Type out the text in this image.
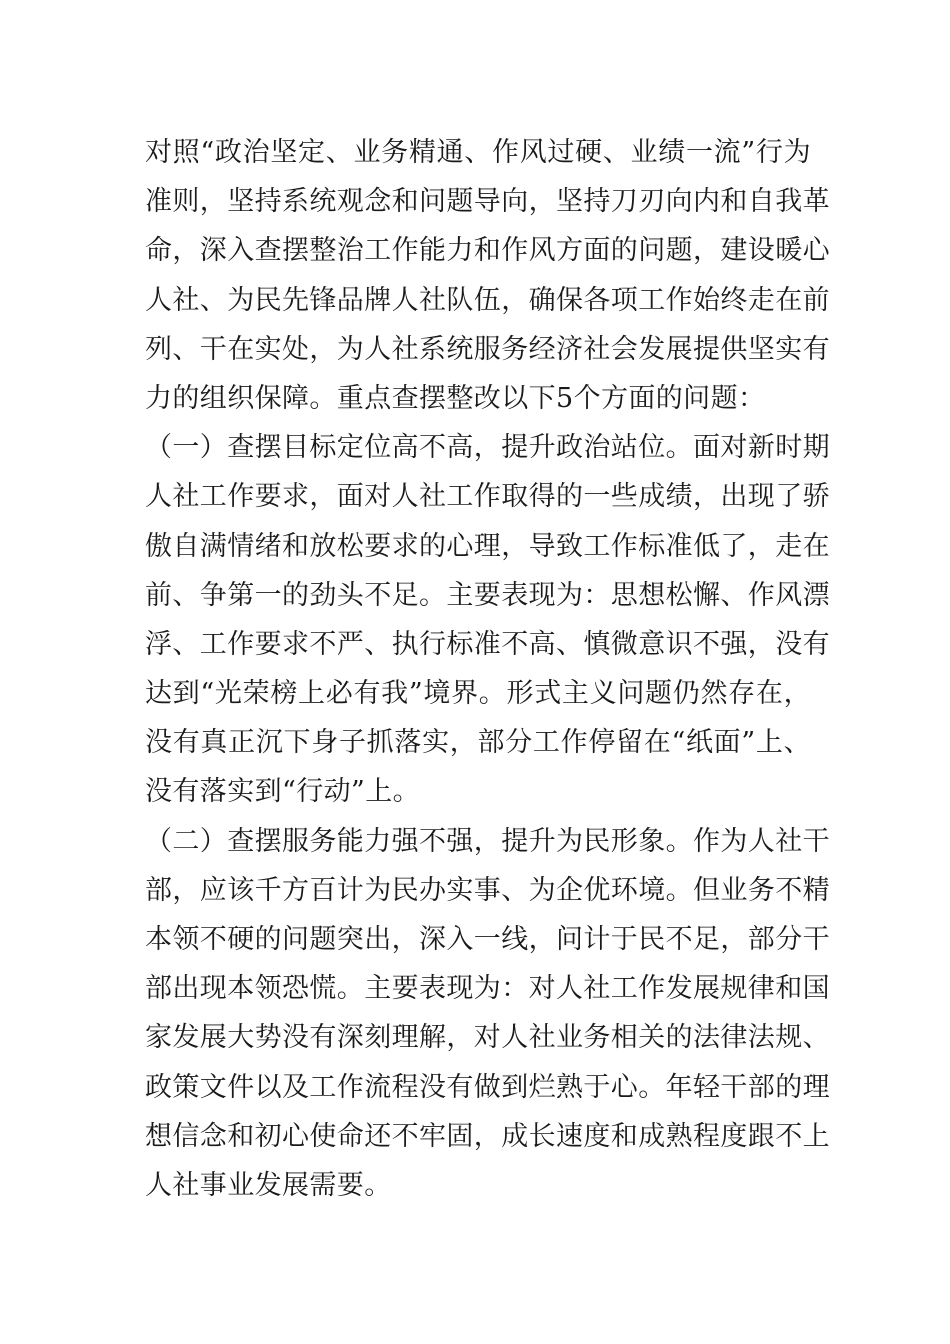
对照“政治坚定、业务精通、作风过硬、业绩一流”行为
准则，坚持系统观念和问题导向，坚持刀刃向内和自我革
命，深入查摆整治工作能力和作风方面的问题，建设暖心
人社、为民先锋品牌人社队伍，确保各项工作始终走在前
列、干在实处，为人社系统服务经济社会发展提供坚实有
力的组织保障。重点查摆整改以下5个方面的问题：
（一）查摆目标定位高不高，提升政治站位。面对新时期
人社工作要求，面对人社工作取得的一些成绩，出现了骄
傲自满情绪和放松要求的心理，导致工作标准低了，走在
前、争第一的劲头不足。主要表现为：思想松懈、作风漂
浮、工作要求不严、执行标准不高、慎微意识不强，没有
达到“光荣榜上必有我”境界。形式主义问题仍然存在，
没有真正沉下身子抓落实，部分工作停留在“纸面”上、
没有落实到“行动”上。
（二）查摆服务能力强不强，提升为民形象。作为人社干
部，应该千方百计为民办实事、为企优环境。但业务不精
本领不硬的问题突出，深入一线，问计于民不足，部分干
部出现本领恐慌。主要表现为：对人社工作发展规律和国
家发展大势没有深刻理解，对人社业务相关的法律法规、
政策文件以及工作流程没有做到烂熟于心。年轻干部的理
想信念和初心使命还不牢固，成长速度和成熟程度跟不上
人社事业发展需要。
